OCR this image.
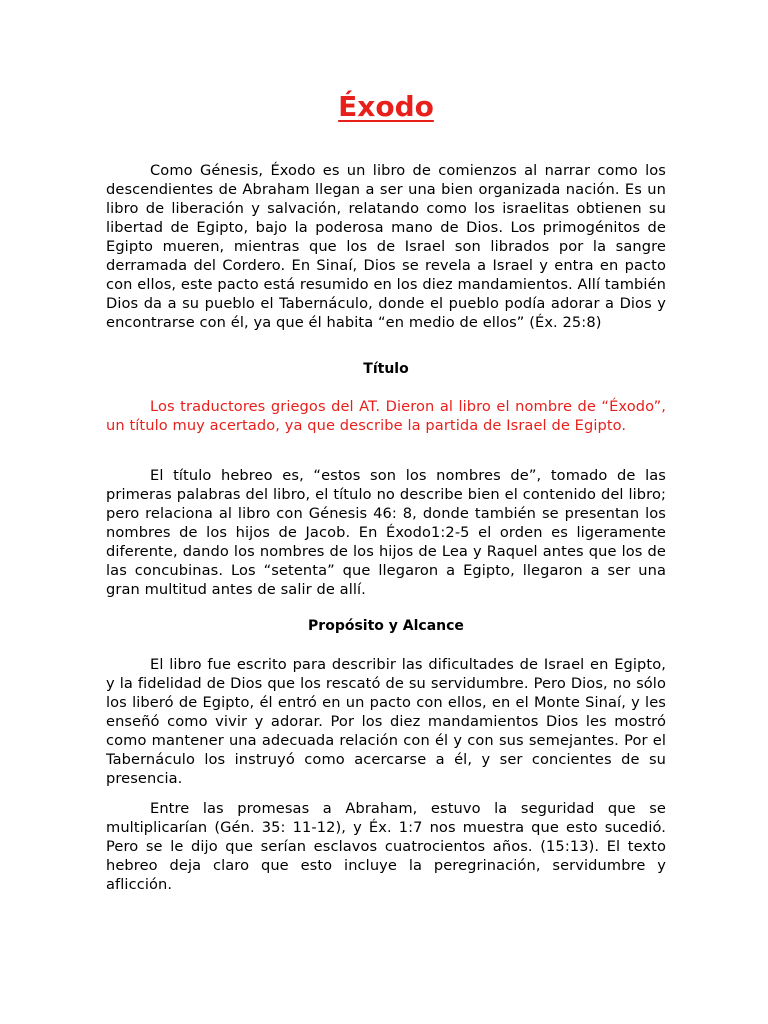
Éxodo

Como Génesis, Éxodo es un libro de comienzos al narrar como los descendientes de Abraham llegan a ser una bien organizada nación. Es un libro de liberación y salvación, relatando como los israelitas obtienen su libertad de Egipto, bajo la poderosa mano de Dios. Los primogénitos de Egipto mueren, mientras que los de Israel son librados por la sangre derramada del Cordero. En Sinaí, Dios se revela a Israel y entra en pacto con ellos, este pacto está resumido en los diez mandamientos. Allí también Dios da a su pueblo el Tabernáculo, donde el pueblo podía adorar a Dios y encontrarse con él, ya que él habita “en medio de ellos” (Éx. 25:8)

Título

Los traductores griegos del AT. Dieron al libro el nombre de “Éxodo”, un título muy acertado, ya que describe la partida de Israel de Egipto.

El título hebreo es, “estos son los nombres de”, tomado de las primeras palabras del libro, el título no describe bien el contenido del libro; pero relaciona al libro con Génesis 46: 8, donde también se presentan los nombres de los hijos de Jacob. En Éxodo1:2-5 el orden es ligeramente diferente, dando los nombres de los hijos de Lea y Raquel antes que los de las concubinas. Los “setenta” que llegaron a Egipto, llegaron a ser una gran multitud antes de salir de allí.

Propósito y Alcance

El libro fue escrito para describir las dificultades de Israel en Egipto, y la fidelidad de Dios que los rescató de su servidumbre. Pero Dios, no sólo los liberó de Egipto, él entró en un pacto con ellos, en el Monte Sinaí, y les enseñó como vivir y adorar. Por los diez mandamientos Dios les mostró como mantener una adecuada relación con él y con sus semejantes. Por el Tabernáculo los instruyó como acercarse a él, y ser concientes de su presencia.

Entre las promesas a Abraham, estuvo la seguridad que se multiplicarían (Gén. 35: 11-12), y Éx. 1:7 nos muestra que esto sucedió. Pero se le dijo que serían esclavos cuatrocientos años. (15:13). El texto hebreo deja claro que esto incluye la peregrinación, servidumbre y aflicción.
